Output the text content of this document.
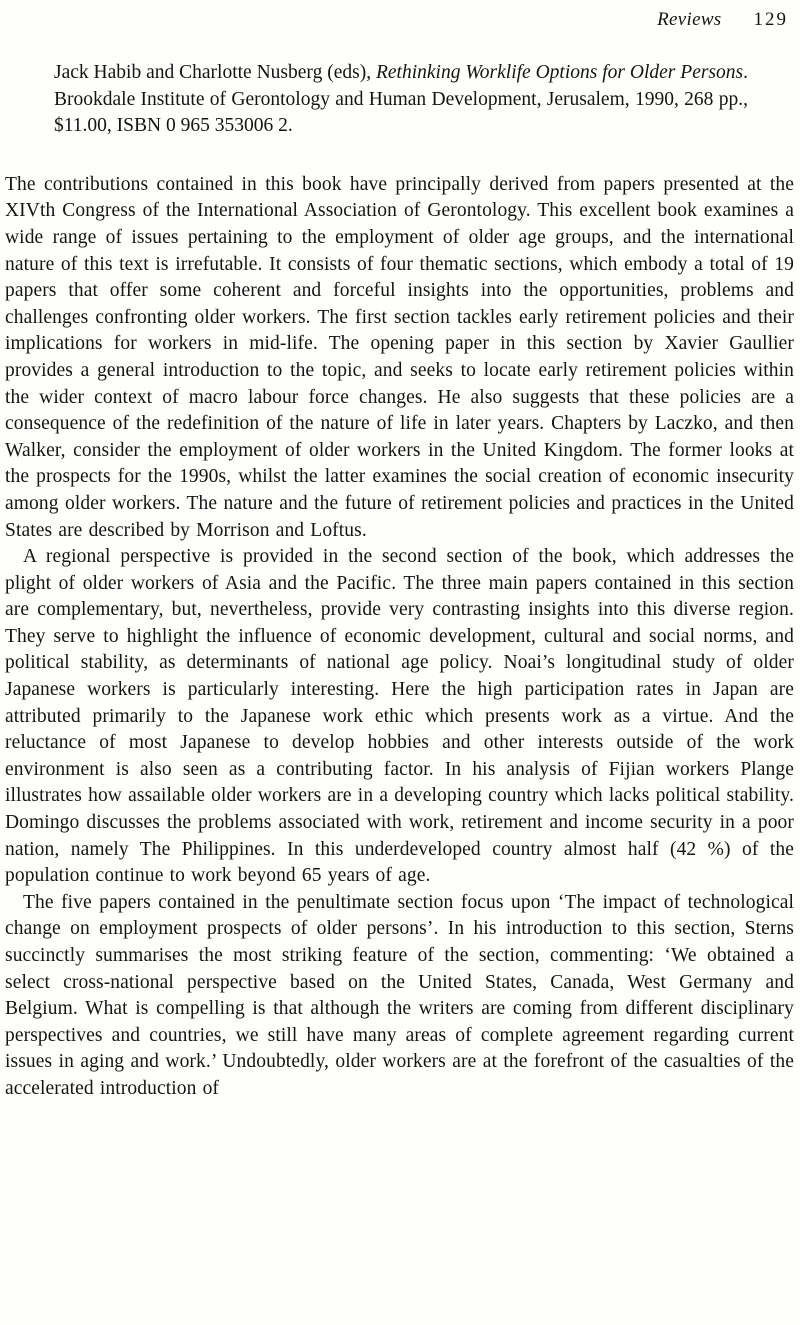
Reviews 129

Jack Habib and Charlotte Nusberg (eds), Rethinking Worklife Options for Older Persons. Brookdale Institute of Gerontology and Human Development, Jerusalem, 1990, 268 pp., $11.00, ISBN 0 965 353006 2.

The contributions contained in this book have principally derived from papers presented at the XIVth Congress of the International Association of Gerontology. This excellent book examines a wide range of issues pertaining to the employment of older age groups, and the international nature of this text is irrefutable. It consists of four thematic sections, which embody a total of 19 papers that offer some coherent and forceful insights into the opportunities, problems and challenges confronting older workers. The first section tackles early retirement policies and their implications for workers in mid-life. The opening paper in this section by Xavier Gaullier provides a general introduction to the topic, and seeks to locate early retirement policies within the wider context of macro labour force changes. He also suggests that these policies are a consequence of the redefinition of the nature of life in later years. Chapters by Laczko, and then Walker, consider the employment of older workers in the United Kingdom. The former looks at the prospects for the 1990s, whilst the latter examines the social creation of economic insecurity among older workers. The nature and the future of retirement policies and practices in the United States are described by Morrison and Loftus.

A regional perspective is provided in the second section of the book, which addresses the plight of older workers of Asia and the Pacific. The three main papers contained in this section are complementary, but, nevertheless, provide very contrasting insights into this diverse region. They serve to highlight the influence of economic development, cultural and social norms, and political stability, as determinants of national age policy. Noai’s longitudinal study of older Japanese workers is particularly interesting. Here the high participation rates in Japan are attributed primarily to the Japanese work ethic which presents work as a virtue. And the reluctance of most Japanese to develop hobbies and other interests outside of the work environment is also seen as a contributing factor. In his analysis of Fijian workers Plange illustrates how assailable older workers are in a developing country which lacks political stability. Domingo discusses the problems associated with work, retirement and income security in a poor nation, namely The Philippines. In this underdeveloped country almost half (42 %) of the population continue to work beyond 65 years of age.

The five papers contained in the penultimate section focus upon ‘The impact of technological change on employment prospects of older persons’. In his introduction to this section, Sterns succinctly summarises the most striking feature of the section, commenting: ‘We obtained a select cross-national perspective based on the United States, Canada, West Germany and Belgium. What is compelling is that although the writers are coming from different disciplinary perspectives and countries, we still have many areas of complete agreement regarding current issues in aging and work.’ Undoubtedly, older workers are at the forefront of the casualties of the accelerated introduction of
